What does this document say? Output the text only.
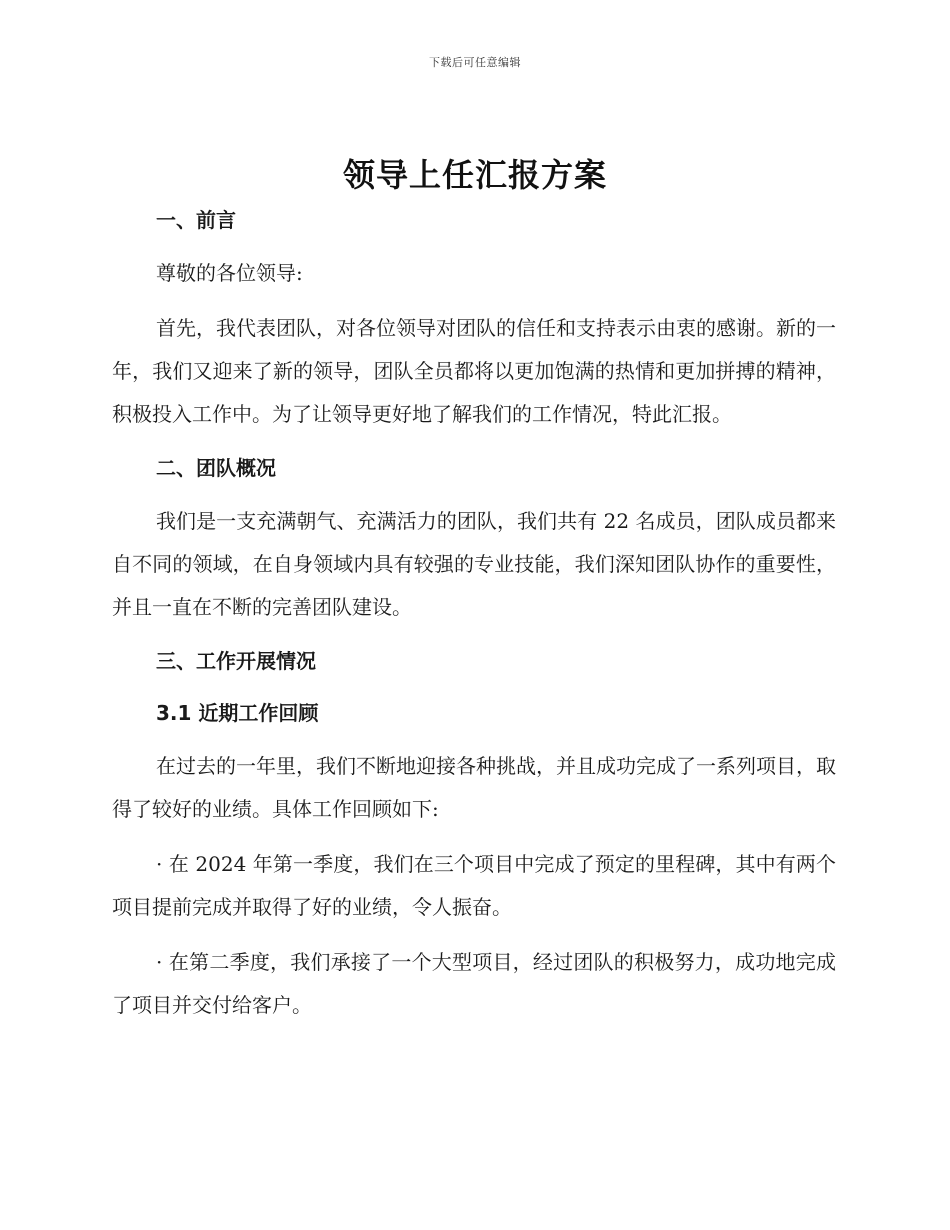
下载后可任意编辑
领导上任汇报方案
一、前言

尊敬的各位领导:

首先，我代表团队，对各位领导对团队的信任和支持表示由衷的感谢。新的一年，我们又迎来了新的领导，团队全员都将以更加饱满的热情和更加拼搏的精神，积极投入工作中。为了让领导更好地了解我们的工作情况，特此汇报。

二、团队概况

我们是一支充满朝气、充满活力的团队，我们共有 22 名成员，团队成员都来自不同的领域，在自身领域内具有较强的专业技能，我们深知团队协作的重要性，并且一直在不断的完善团队建设。

三、工作开展情况
3.1 近期工作回顾

在过去的一年里，我们不断地迎接各种挑战，并且成功完成了一系列项目，取得了较好的业绩。具体工作回顾如下:

· 在 2024 年第一季度，我们在三个项目中完成了预定的里程碑，其中有两个项目提前完成并取得了好的业绩，令人振奋。

· 在第二季度，我们承接了一个大型项目，经过团队的积极努力，成功地完成了项目并交付给客户。
